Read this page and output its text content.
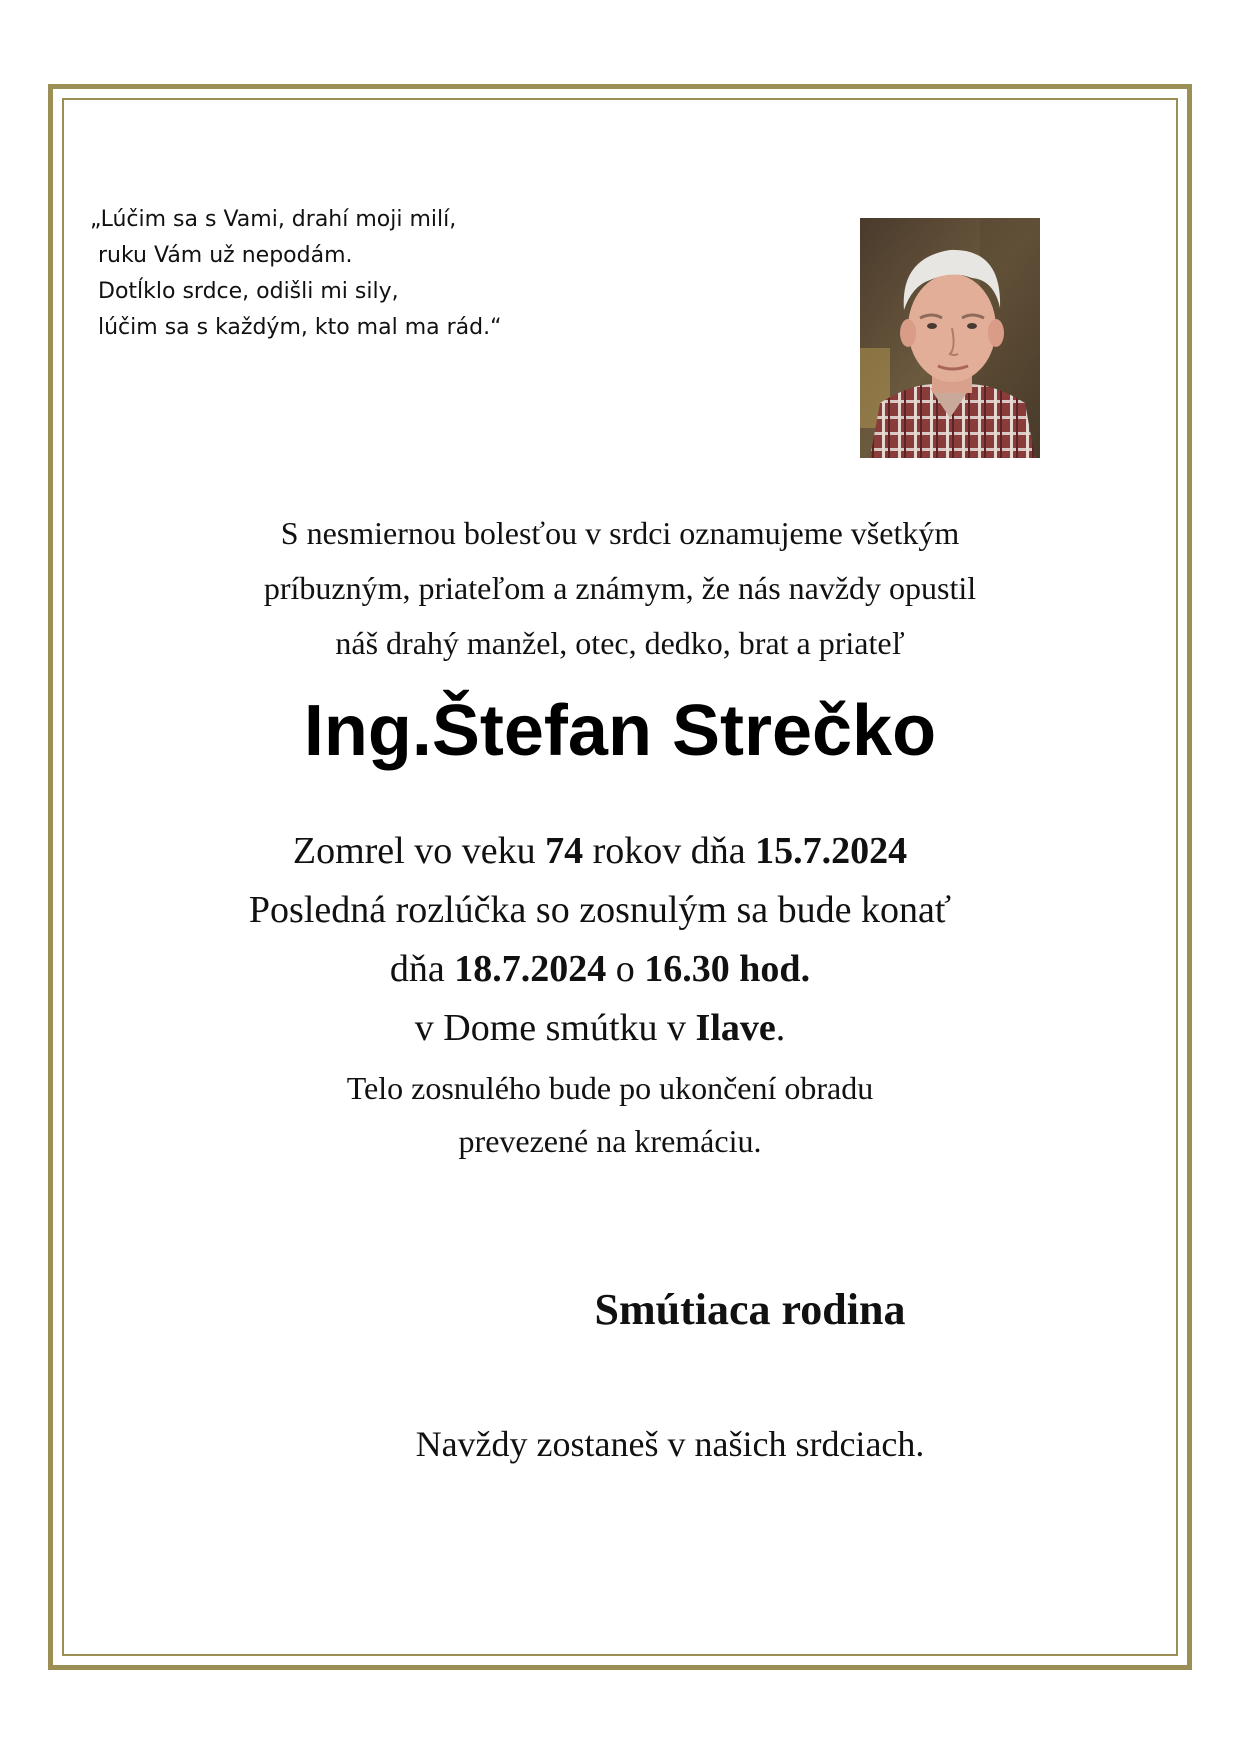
„Lúčim sa s Vami, drahí moji milí,
ruku Vám už nepodám.
Dotĺklo srdce, odišli mi sily,
lúčim sa s každým, kto mal ma rád.“
S nesmiernou bolesťou v srdci oznamujeme všetkým
príbuzným, priateľom a známym, že nás navždy opustil
náš drahý manžel, otec, dedko, brat a priateľ
Ing.Štefan Strečko
Zomrel vo veku 74 rokov dňa 15.7.2024
Posledná rozlúčka so zosnulým sa bude konať
dňa 18.7.2024 o 16.30 hod.
v Dome smútku v Ilave.
Telo zosnulého bude po ukončení obradu
prevezené na kremáciu.
Smútiaca rodina
Navždy zostaneš v našich srdciach.
